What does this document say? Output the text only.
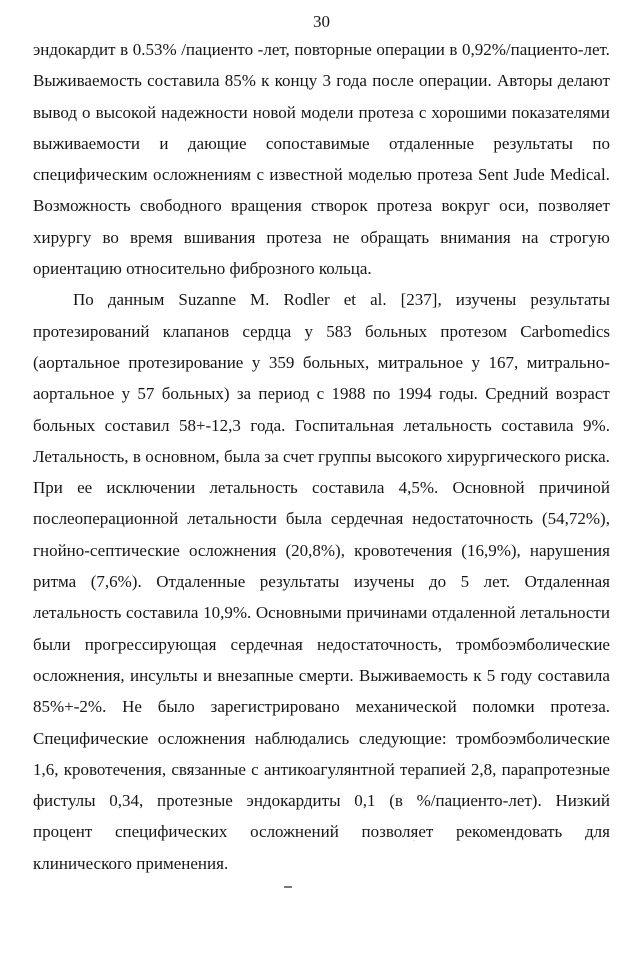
30
эндокардит в 0.53% /пациенто -лет, повторные операции в 0,92%/пациенто-лет.
Выживаемость составила 85% к концу 3 года после операции. Авторы делают
вывод о высокой надежности новой модели протеза с хорошими показателями
выживаемости и дающие сопоставимые отдаленные результаты по
специфическим осложнениям с известной моделью протеза Sent Jude Medical.
Возможность свободного вращения створок протеза вокруг оси, позволяет
хирургу во время вшивания протеза не обращать внимания на строгую
ориентацию относительно фиброзного кольца.
По данным Suzanne M. Rodler et al. [237], изучены результаты
протезирований клапанов сердца у 583 больных протезом Carbomedics
(аортальное протезирование у 359 больных, митральное у 167, митрально-
аортальное у 57 больных) за период с 1988 по 1994 годы. Средний возраст
больных составил 58+-12,3 года. Госпитальная летальность составила 9%.
Летальность, в основном, была за счет группы высокого хирургического риска.
При ее исключении летальность составила 4,5%. Основной причиной
послеоперационной летальности была сердечная недостаточность (54,72%),
гнойно-септические осложнения (20,8%), кровотечения (16,9%), нарушения
ритма (7,6%). Отдаленные результаты изучены до 5 лет. Отдаленная
летальность составила 10,9%. Основными причинами отдаленной летальности
были прогрессирующая сердечная недостаточность, тромбоэмболические
осложнения, инсульты и внезапные смерти. Выживаемость к 5 году составила
85%+-2%. Не было зарегистрировано механической поломки протеза.
Специфические осложнения наблюдались следующие: тромбоэмболические
1,6, кровотечения, связанные с антикоагулянтной терапией 2,8, парапротезные
фистулы 0,34, протезные эндокардиты 0,1 (в %/пациенто-лет). Низкий
процент специфических осложнений позволяет рекомендовать для
клинического применения.
